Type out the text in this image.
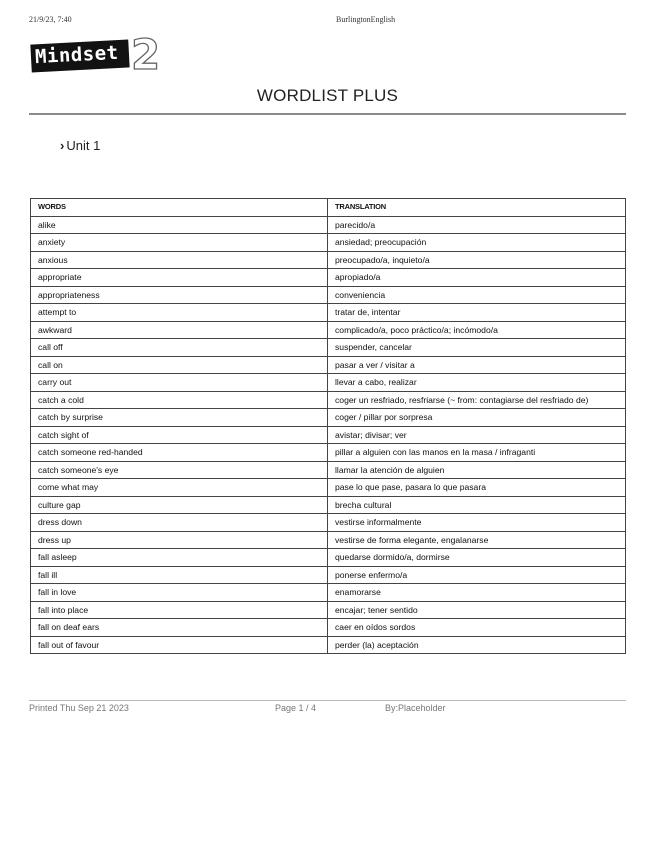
21/9/23, 7:40	BurlingtonEnglish
Mindset 2
WORDLIST PLUS
› Unit 1
WORDS	TRANSLATION
alike	parecido/a
anxiety	ansiedad; preocupación
anxious	preocupado/a, inquieto/a
appropriate	apropiado/a
appropriateness	conveniencia
attempt to	tratar de, intentar
awkward	complicado/a, poco práctico/a; incómodo/a
call off	suspender, cancelar
call on	pasar a ver / visitar a
carry out	llevar a cabo, realizar
catch a cold	coger un resfriado, resfriarse (~ from: contagiarse del resfriado de)
catch by surprise	coger / pillar por sorpresa
catch sight of	avistar; divisar; ver
catch someone red-handed	pillar a alguien con las manos en la masa / infraganti
catch someone's eye	llamar la atención de alguien
come what may	pase lo que pase, pasara lo que pasara
culture gap	brecha cultural
dress down	vestirse informalmente
dress up	vestirse de forma elegante, engalanarse
fall asleep	quedarse dormido/a, dormirse
fall ill	ponerse enfermo/a
fall in love	enamorarse
fall into place	encajar; tener sentido
fall on deaf ears	caer en oídos sordos
fall out of favour	perder (la) aceptación
Printed Thu Sep 21 2023	Page 1 / 4	By:Placeholder
